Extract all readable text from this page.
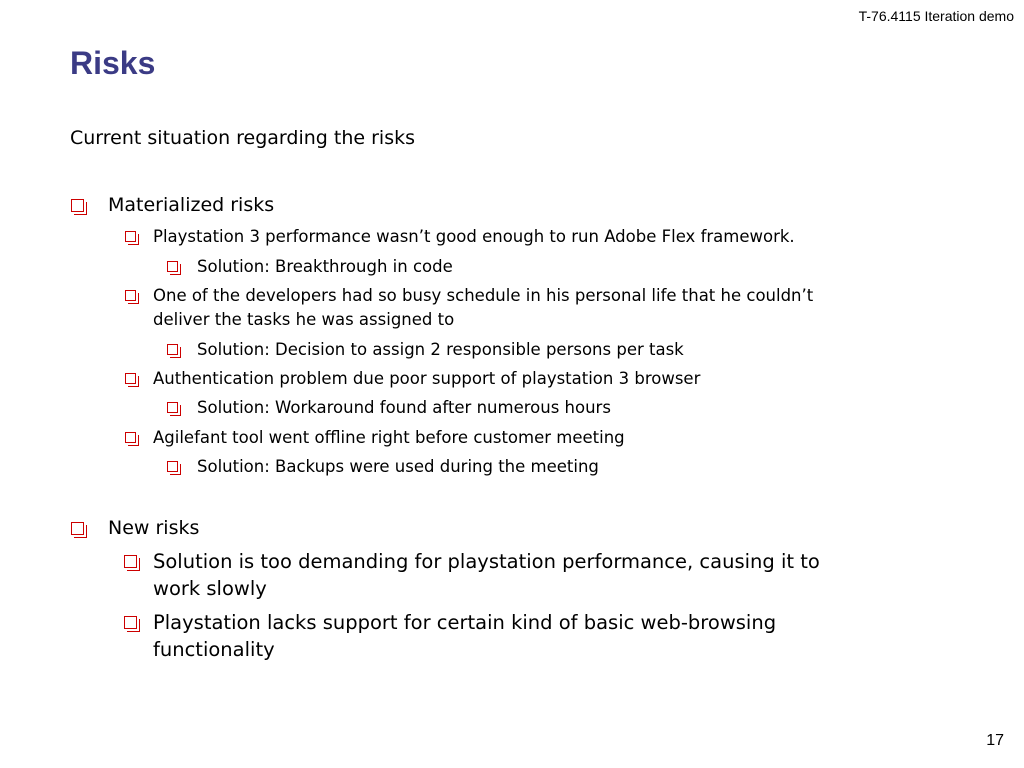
T-76.4115 Iteration demo
Risks
Current situation regarding the risks
Materialized risks
Playstation 3 performance wasn’t good enough to run Adobe Flex framework.
Solution: Breakthrough in code
One of the developers had so busy schedule in his personal life that he couldn’t
deliver the tasks he was assigned to
Solution: Decision to assign 2 responsible persons per task
Authentication problem due poor support of playstation 3 browser
Solution: Workaround found after numerous hours
Agilefant tool went offline right before customer meeting
Solution: Backups were used during the meeting
New risks
Solution is too demanding for playstation performance, causing it to
work slowly
Playstation lacks support for certain kind of basic web-browsing
functionality
17
